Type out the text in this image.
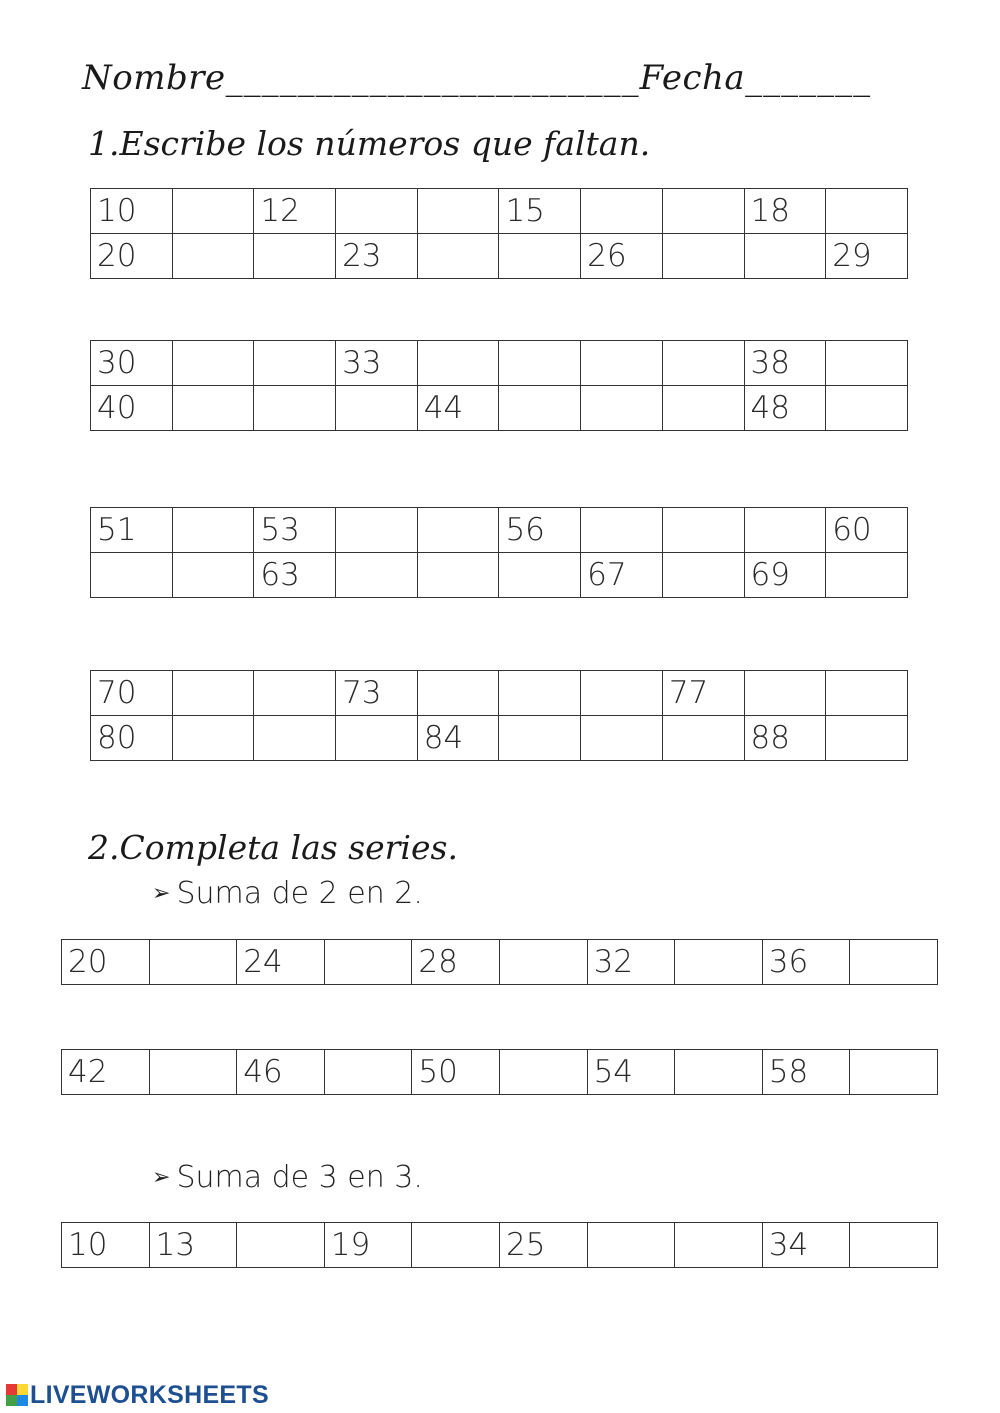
Nombre_______________________Fecha_______
1.Escribe los números que faltan.
10		12			15			18	
20			23			26			29
30			33					38	
40				44				48	
51		53			56				60
		63				67		69	
70			73				77		
80				84				88	
2.Completa las series.
➢ Suma de 2 en 2.
20		24		28		32		36	
42		46		50		54		58	
➢ Suma de 3 en 3.
10	13		19		25			34	
LIVEWORKSHEETS
